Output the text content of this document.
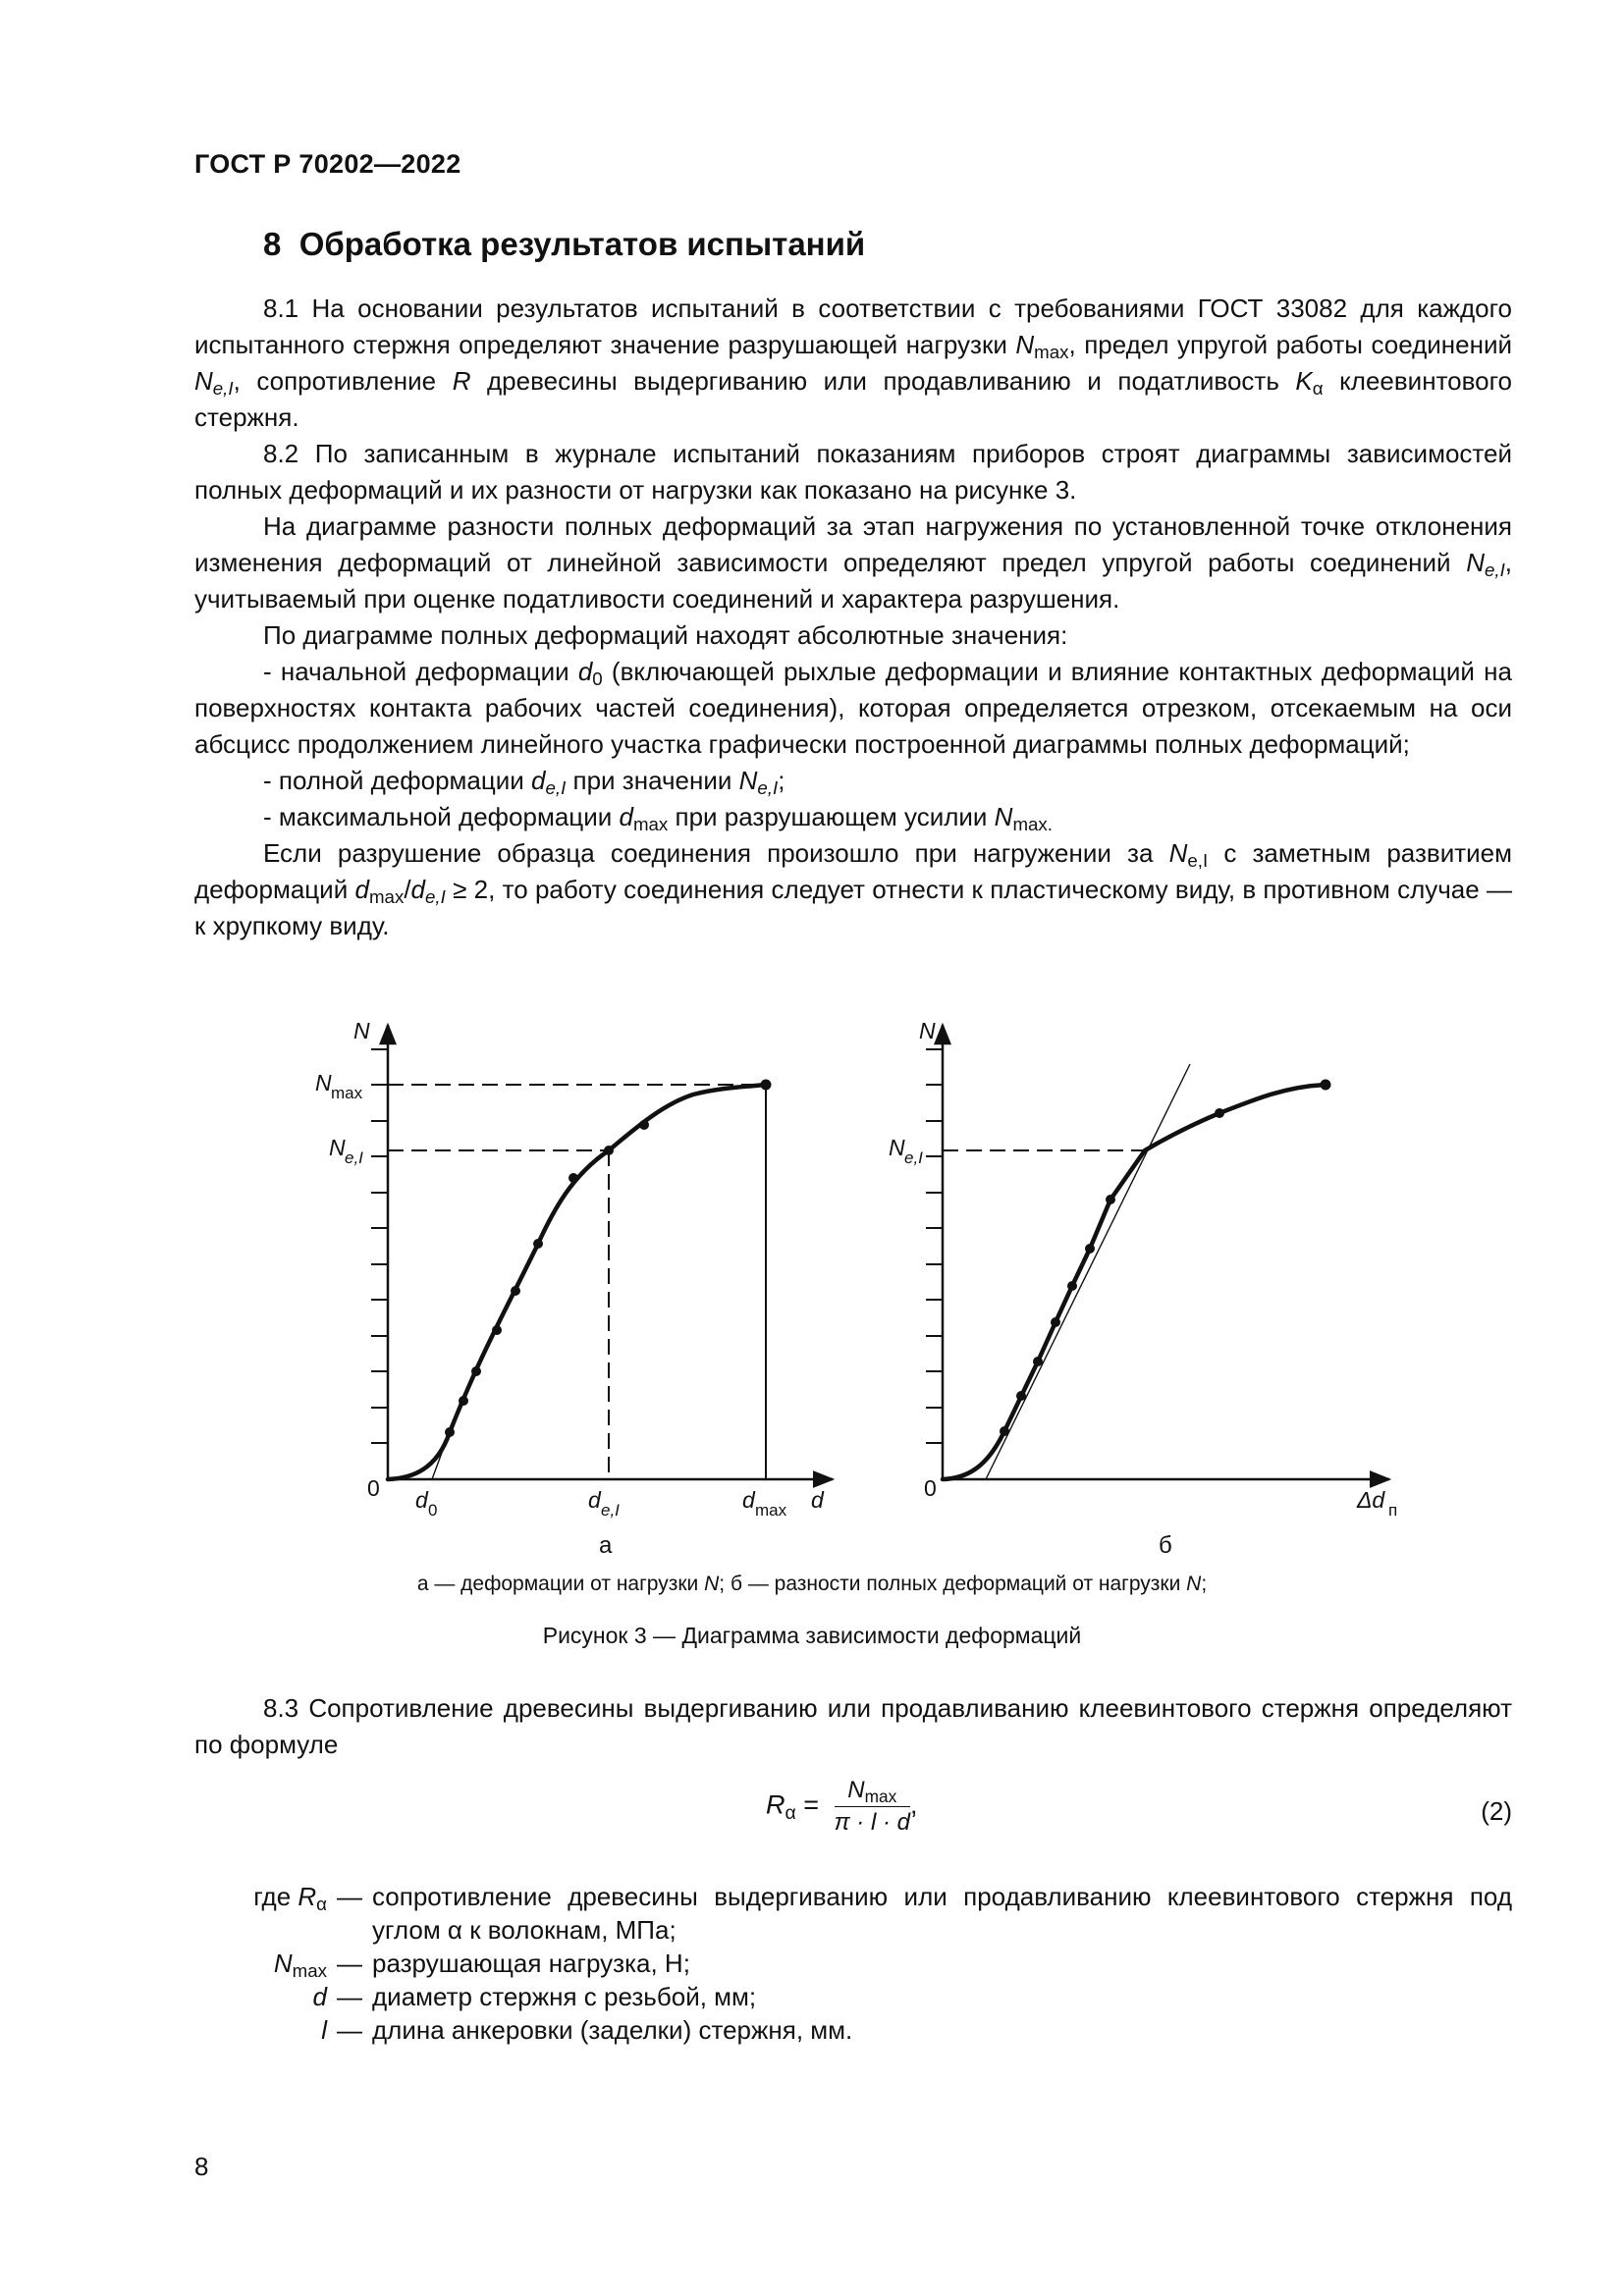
ГОСТ Р 70202—2022
8 Обработка результатов испытаний

8.1 На основании результатов испытаний в соответствии с требованиями ГОСТ 33082 для каждого испытанного стержня определяют значение разрушающей нагрузки $N_{max}$, предел упругой работы соединений $N_{e,I}$, сопротивление R древесины выдергиванию или продавливанию и податливость $K_\alpha$ клеевинтового стержня.

8.2 По записанным в журнале испытаний показаниям приборов строят диаграммы зависимостей полных деформаций и их разности от нагрузки как показано на рисунке 3.

На диаграмме разности полных деформаций за этап нагружения по установленной точке отклонения изменения деформаций от линейной зависимости определяют предел упругой работы соединений $N_{e,I}$, учитываемый при оценке податливости соединений и характера разрушения.

По диаграмме полных деформаций находят абсолютные значения:

- начальной деформации $d_0$ (включающей рыхлые деформации и влияние контактных деформаций на поверхностях контакта рабочих частей соединения), которая определяется отрезком, отсекаемым на оси абсцисс продолжением линейного участка графически построенной диаграммы полных деформаций;

- полной деформации $d_{e,I}$ при значении $N_{e,I}$;

- максимальной деформации $d_{max}$ при разрушающем усилии $N_{max.}$

Если разрушение образца соединения произошло при нагружении за $N_{e,I}$ с заметным развитием деформаций $d_{max}/d_{e,I} \ge 2$, то работу соединения следует отнести к пластическому виду, в противном случае — к хрупкому виду.

N
N max
N e,I
0 d 0	d e,I	d max d
а
N
N e,I
0	Δd п
б
а — деформации от нагрузки N; б — разности полных деформаций от нагрузки N;
Рисунок 3 — Диаграмма зависимости деформаций

8.3 Сопротивление древесины выдергиванию или продавливанию клеевинтового стержня определяют по формуле

$R_\alpha = \frac{N_{max}}{\pi \cdot l \cdot d}$ ,	(2)
где $R_\alpha$ — сопротивление древесины выдергиванию или продавливанию клеевинтового стержня под углом α к волокнам, МПа;
$N_{max}$ — разрушающая нагрузка, Н;
d — диаметр стержня с резьбой, мм;
l — длина анкеровки (заделки) стержня, мм.
8
